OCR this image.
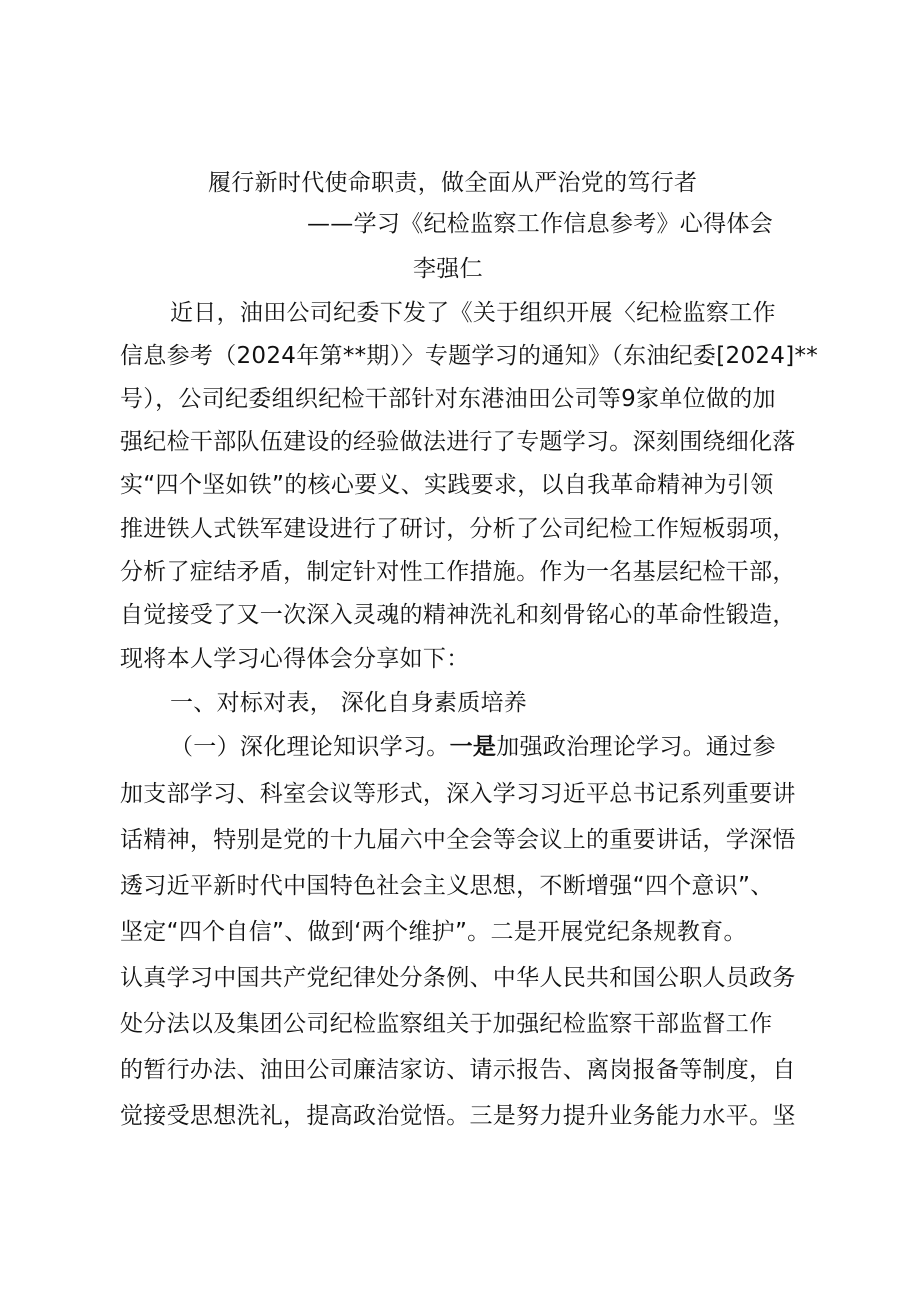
履行新时代使命职责，做全面从严治党的笃行者
——学习《纪检监察工作信息参考》心得体会
李强仁
近日，油田公司纪委下发了《关于组织开展〈纪检监察工作
信息参考（2024年第**期）〉专题学习的通知》（东油纪委[2024]**
号），公司纪委组织纪检干部针对东港油田公司等9家单位做的加
强纪检干部队伍建设的经验做法进行了专题学习。深刻围绕细化落
实“四个坚如铁”的核心要义、实践要求，以自我革命精神为引领
推进铁人式铁军建设进行了研讨，分析了公司纪检工作短板弱项，
分析了症结矛盾，制定针对性工作措施。作为一名基层纪检干部，
自觉接受了又一次深入灵魂的精神洗礼和刻骨铭心的革命性锻造，
现将本人学习心得体会分享如下：
一、对标对表， 深化自身素质培养
（一）深化理论知识学习。一是加强政治理论学习。通过参
加支部学习、科室会议等形式，深入学习习近平总书记系列重要讲
话精神，特别是党的十九届六中全会等会议上的重要讲话，学深悟
透习近平新时代中国特色社会主义思想，不断增强“四个意识”、
坚定“四个自信”、做到‘两个维护”。二是开展党纪条规教育。
认真学习中国共产党纪律处分条例、中华人民共和国公职人员政务
处分法以及集团公司纪检监察组关于加强纪检监察干部监督工作
的暂行办法、油田公司廉洁家访、请示报告、离岗报备等制度，自
觉接受思想洗礼，提高政治觉悟。三是努力提升业务能力水平。坚
